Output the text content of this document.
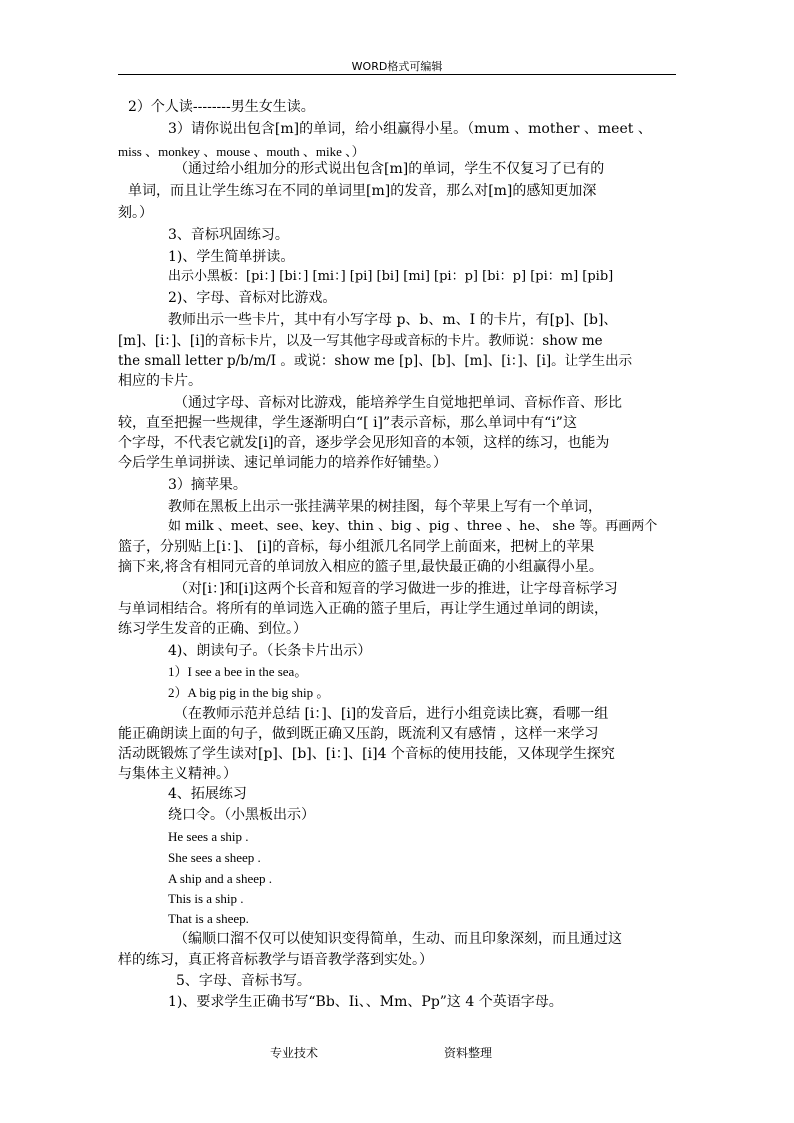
WORD格式可编辑
2）个人读--------男生女生读。
3）请你说出包含[m]的单词，给小组赢得小星。（mum 、mother 、meet 、
miss 、monkey 、mouse 、mouth 、mike 、）
（通过给小组加分的形式说出包含[m]的单词，学生不仅复习了已有的
单词，而且让学生练习在不同的单词里[m]的发音，那么对[m]的感知更加深
刻。）
3、音标巩固练习。
1)、学生简单拼读。
出示小黑板：[pi：] [bi：] [mi：] [pi] [bi] [mi] [pi：p] [bi：p] [pi：m] [pib]
2)、字母、音标对比游戏。
教师出示一些卡片，其中有小写字母 p、b、m、I 的卡片，有[p]、[b]、
[m]、[i：]、[i]的音标卡片，以及一写其他字母或音标的卡片。教师说：show me
the small letter p/b/m/I 。或说：show me [p]、[b]、[m]、[i：]、[i]。让学生出示
相应的卡片。
（通过字母、音标对比游戏，能培养学生自觉地把单词、音标作音、形比
较，直至把握一些规律，学生逐渐明白“[ i]”表示音标，那么单词中有“i”这
个字母，不代表它就发[i]的音，逐步学会见形知音的本领，这样的练习，也能为
今后学生单词拼读、速记单词能力的培养作好铺垫。）
3）摘苹果。
教师在黑板上出示一张挂满苹果的树挂图，每个苹果上写有一个单词，
如 milk 、meet、see、key、thin 、big 、pig 、three 、he、 she 等。再画两个
篮子，分别贴上[i：]、 [i]的音标，每小组派几名同学上前面来，把树上的苹果
摘下来,将含有相同元音的单词放入相应的篮子里,最快最正确的小组赢得小星。
（对[i：]和[i]这两个长音和短音的学习做进一步的推进，让字母音标学习
与单词相结合。将所有的单词选入正确的篮子里后，再让学生通过单词的朗读，
练习学生发音的正确、到位。）
4)、朗读句子。（长条卡片出示）
1）I see a bee in the sea。
2）A big pig in the big ship 。
（在教师示范并总结 [i：]、[i]的发音后，进行小组竞读比赛，看哪一组
能正确朗读上面的句子，做到既正确又压韵，既流利又有感情 ，这样一来学习
活动既锻炼了学生读对[p]、[b]、[i：]、[i]4 个音标的使用技能，又体现学生探究
与集体主义精神。）
4、拓展练习
绕口令。（小黑板出示）
He sees a ship .
She sees a sheep .
A ship and a sheep .
This is a ship .
That is a sheep.
（编顺口溜不仅可以使知识变得简单，生动、而且印象深刻，而且通过这
样的练习，真正将音标教学与语音教学落到实处。）
5、字母、音标书写。
1)、要求学生正确书写“Bb、Ii、、Mm、Pp”这 4 个英语字母。
专业技术	资料整理
